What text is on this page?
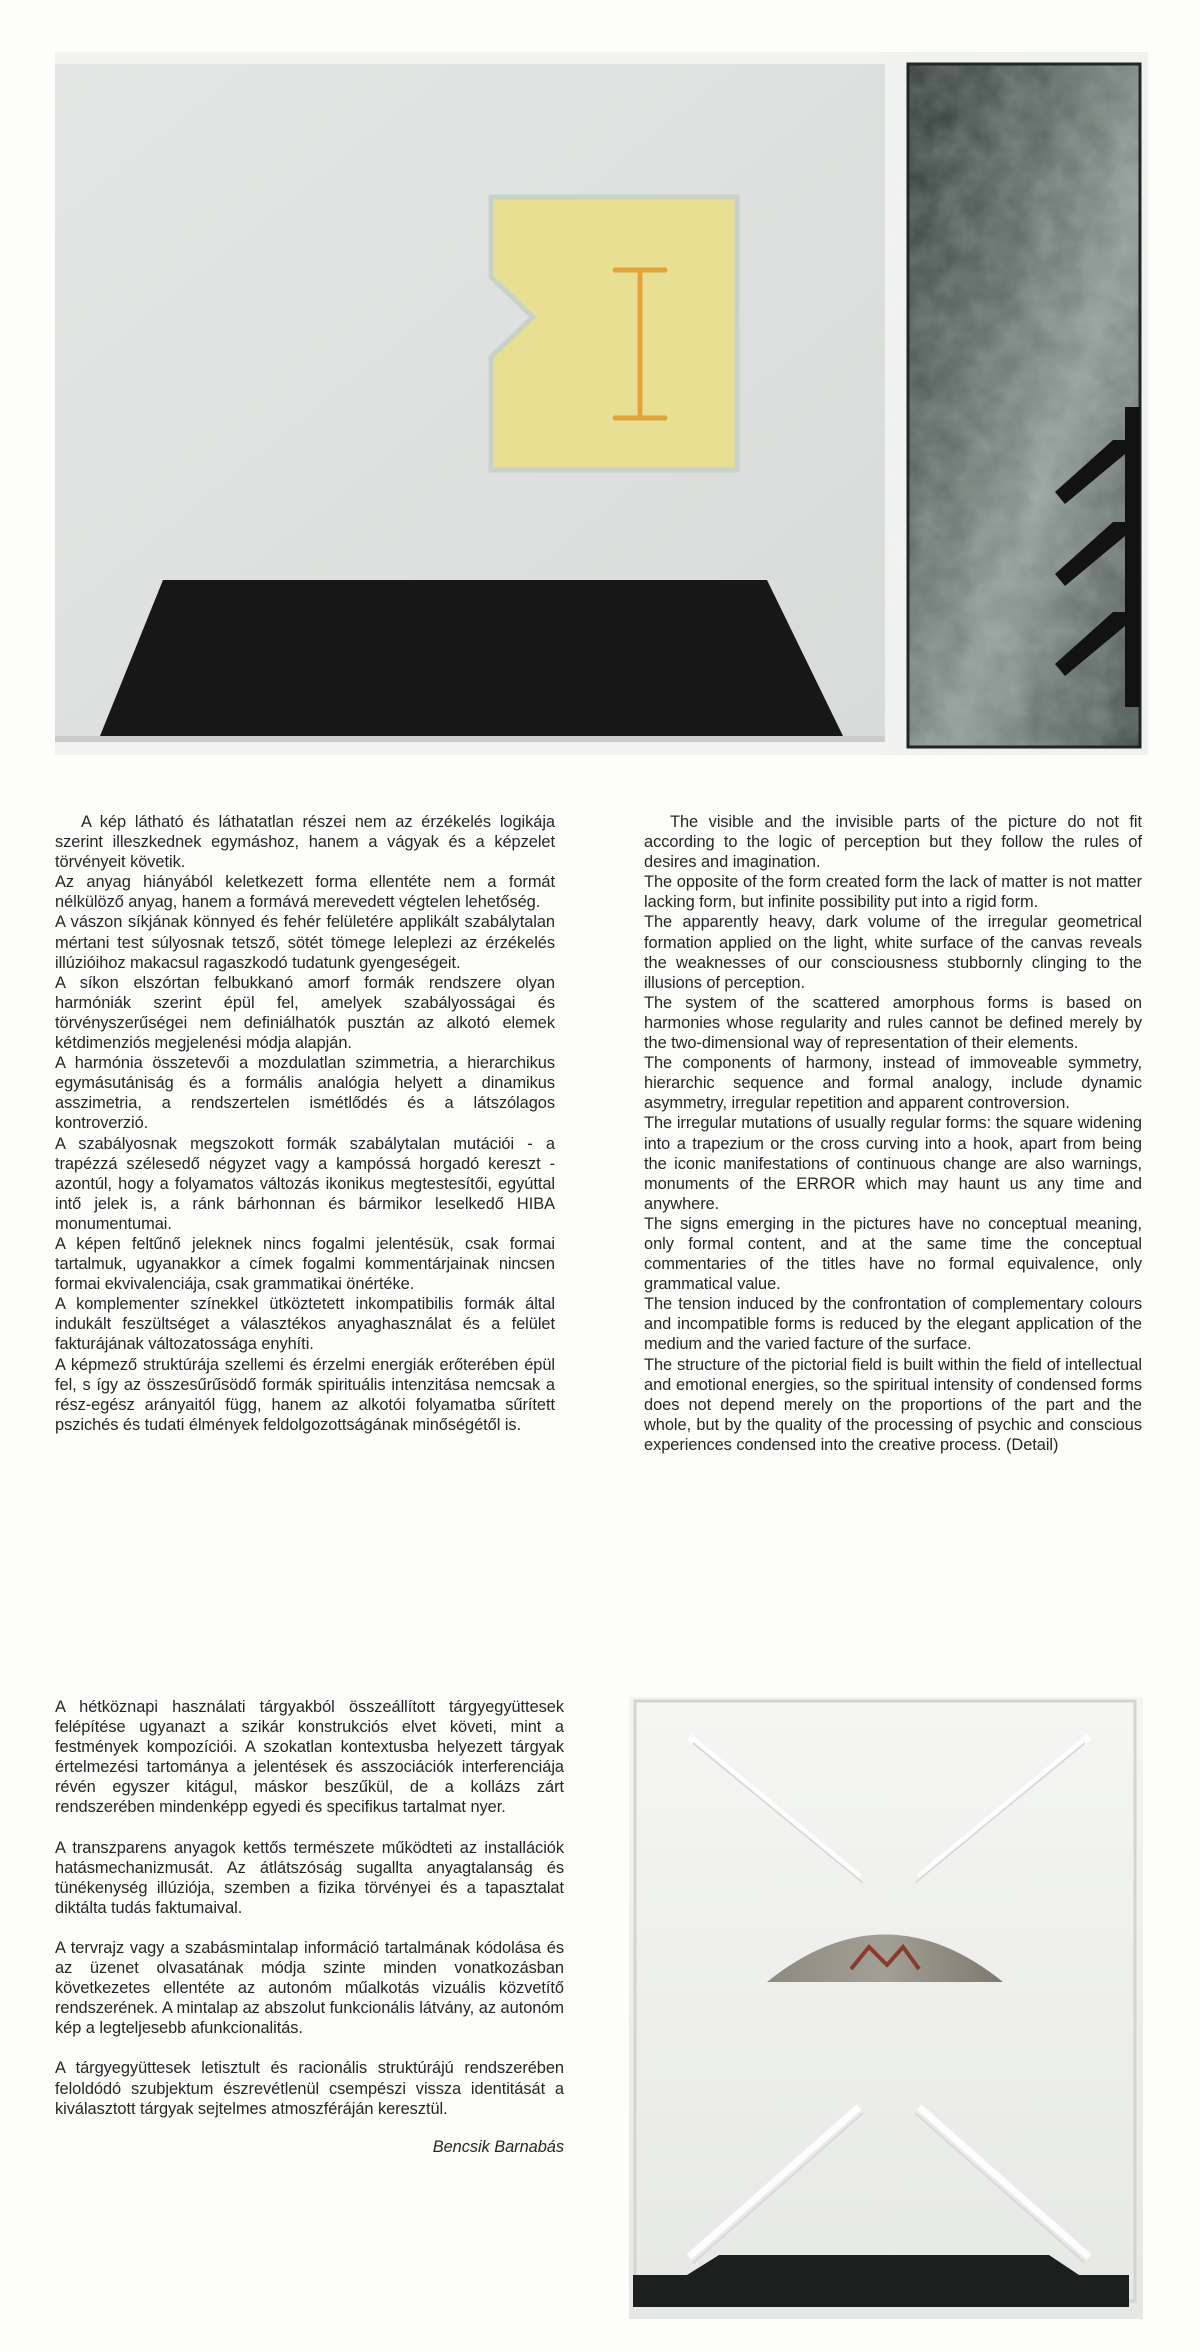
A kép látható és láthatatlan részei nem az érzékelés logikája szerint illeszkednek egymáshoz, hanem a vágyak és a képzelet törvényeit követik.

Az anyag hiányából keletkezett forma ellentéte nem a formát nélkülöző anyag, hanem a formává merevedett végtelen lehetőség.

A vászon síkjának könnyed és fehér felületére applikált szabálytalan mértani test súlyosnak tetsző, sötét tömege leleplezi az érzékelés illúzióihoz makacsul ragaszkodó tudatunk gyengeségeit.

A síkon elszórtan felbukkanó amorf formák rendszere olyan harmóniák szerint épül fel, amelyek szabályosságai és törvényszerűségei nem definiálhatók pusztán az alkotó elemek kétdimenziós megjelenési módja alapján.

A harmónia összetevői a mozdulatlan szimmetria, a hierarchikus egymásutániság és a formális analógia helyett a dinamikus asszimetria, a rendszertelen ismétlődés és a látszólagos kontroverzió.

A szabályosnak megszokott formák szabálytalan mutációi - a trapézzá szélesedő négyzet vagy a kampóssá horgadó kereszt - azontúl, hogy a folyamatos változás ikonikus megtestesítői, egyúttal intő jelek is, a ránk bárhonnan és bármikor leselkedő HIBA monumentumai.

A képen feltűnő jeleknek nincs fogalmi jelentésük, csak formai tartalmuk, ugyanakkor a címek fogalmi kommentárjainak nincsen formai ekvivalenciája, csak grammatikai önértéke.

A komplementer színekkel ütköztetett inkompatibilis formák által indukált feszültséget a választékos anyaghasználat és a felület fakturájának változatossága enyhíti.

A képmező struktúrája szellemi és érzelmi energiák erőterében épül fel, s így az összesűrűsödő formák spirituális intenzitása nemcsak a rész-egész arányaitól függ, hanem az alkotói folyamatba sűrített pszichés és tudati élmények feldolgozottságának minőségétől is.

The visible and the invisible parts of the picture do not fit according to the logic of perception but they follow the rules of desires and imagination.

The opposite of the form created form the lack of matter is not matter lacking form, but infinite possibility put into a rigid form.

The apparently heavy, dark volume of the irregular geometrical formation applied on the light, white surface of the canvas reveals the weaknesses of our consciousness stubbornly clinging to the illusions of perception.

The system of the scattered amorphous forms is based on harmonies whose regularity and rules cannot be defined merely by the two-dimensional way of representation of their elements.

The components of harmony, instead of immoveable symmetry, hierarchic sequence and formal analogy, include dynamic asymmetry, irregular repetition and apparent controversion.

The irregular mutations of usually regular forms: the square widening into a trapezium or the cross curving into a hook, apart from being the iconic manifestations of continuous change are also warnings, monuments of the ERROR which may haunt us any time and anywhere.

The signs emerging in the pictures have no conceptual meaning, only formal content, and at the same time the conceptual commentaries of the titles have no formal equivalence, only grammatical value.

The tension induced by the confrontation of complementary colours and incompatible forms is reduced by the elegant application of the medium and the varied facture of the surface.

The structure of the pictorial field is built within the field of intellectual and emotional energies, so the spiritual intensity of condensed forms does not depend merely on the proportions of the part and the whole, but by the quality of the processing of psychic and conscious experiences condensed into the creative process. (Detail)

A hétköznapi használati tárgyakból összeállított tárgyegyüttesek felépítése ugyanazt a szikár konstrukciós elvet követi, mint a festmények kompozíciói. A szokatlan kontextusba helyezett tárgyak értelmezési tartománya a jelentések és asszociációk interferenciája révén egyszer kitágul, máskor beszűkül, de a kollázs zárt rendszerében mindenképp egyedi és specifikus tartalmat nyer.

A transzparens anyagok kettős természete működteti az installációk hatásmechanizmusát. Az átlátszóság sugallta anyagtalanság és tünékenység illúziója, szemben a fizika törvényei és a tapasztalat diktálta tudás faktumaival.

A tervrajz vagy a szabásmintalap információ tartalmának kódolása és az üzenet olvasatának módja szinte minden vonatkozásban következetes ellentéte az autonóm műalkotás vizuális közvetítő rendszerének. A mintalap az abszolut funkcionális látvány, az autonóm kép a legteljesebb afunkcionalitás.

A tárgyegyüttesek letisztult és racionális struktúrájú rendszerében feloldódó szubjektum észrevétlenül csempészi vissza identitását a kiválasztott tárgyak sejtelmes atmoszféráján keresztül.

Bencsik Barnabás
